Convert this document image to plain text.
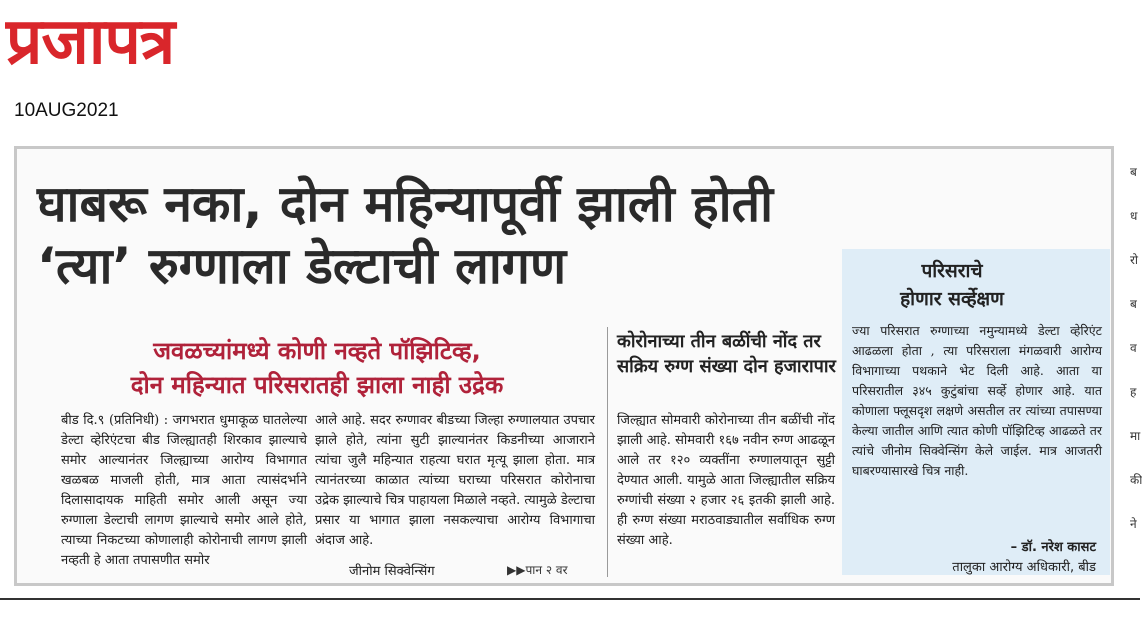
प्रजापत्र
10AUG2021
घाबरू नका, दोन महिन्यापूर्वी झाली होती
‘त्या’ रुग्णाला डेल्टाची लागण
जवळच्यांमध्ये कोणी नव्हते पॉझिटिव्ह,
दोन महिन्यात परिसरातही झाला नाही उद्रेक
बीड दि.९ (प्रतिनिधी) : जगभरात धुमाकूळ घातलेल्या डेल्टा व्हेरिएंटचा बीड जिल्ह्यातही शिरकाव झाल्याचे समोर आल्यानंतर जिल्ह्याच्या आरोग्य विभागात खळबळ माजली होती, मात्र आता त्यासंदर्भाने दिलासादायक माहिती समोर आली असून ज्या रुग्णाला डेल्टाची लागण झाल्याचे समोर आले होते, त्याच्या निकटच्या कोणालाही कोरोनाची लागण झाली नव्हती हे आता तपासणीत समोर
आले आहे. सदर रुग्णावर बीडच्या जिल्हा रुग्णालयात उपचार झाले होते, त्यांना सुटी झाल्यानंतर किडनीच्या आजाराने त्यांचा जुलै महिन्यात राहत्या घरात मृत्यू झाला होता. मात्र त्यानंतरच्या काळात त्यांच्या घराच्या परिसरात कोरोनाचा उद्रेक झाल्याचे चित्र पाहायला मिळाले नव्हते. त्यामुळे डेल्टाचा प्रसार या भागात झाला नसकल्याचा आरोग्य विभागाचा अंदाज आहे.
जीनोम सिक्वेन्सिंग	▶▶पान २ वर
कोरोनाच्या तीन बळींची नोंद तर सक्रिय रुग्ण संख्या दोन हजारापार
जिल्ह्यात सोमवारी कोरोनाच्या तीन बळींची नोंद झाली आहे. सोमवारी १६७ नवीन रुग्ण आढळून आले तर १२० व्यक्तींना रुग्णालयातून सुट्टी देण्यात आली. यामुळे आता जिल्ह्यातील सक्रिय रुग्णांची संख्या २ हजार २६ इतकी झाली आहे. ही रुग्ण संख्या मराठवाड्यातील सर्वाधिक रुग्ण संख्या आहे.
परिसराचे
होणार सर्व्हेक्षण
ज्या परिसरात रुग्णाच्या नमुन्यामध्ये डेल्टा व्हेरिएंट आढळला होता , त्या परिसराला मंगळवारी आरोग्य विभागाच्या पथकाने भेट दिली आहे. आता या परिसरातील ३४५ कुटुंबांचा सर्व्हे होणार आहे. यात कोणाला फ्लूसदृश लक्षणे असतील तर त्यांच्या तपासण्या केल्या जातील आणि त्यात कोणी पॉझिटिव्ह आढळते तर त्यांचे जीनोम सिक्वेन्सिंग केले जाईल. मात्र आजतरी घाबरण्यासारखे चित्र नाही.
– डॉ. नरेश कासट
तालुका आरोग्य अधिकारी, बीड
ब
ध
रो
ब
व
ह
मा
की
ने
